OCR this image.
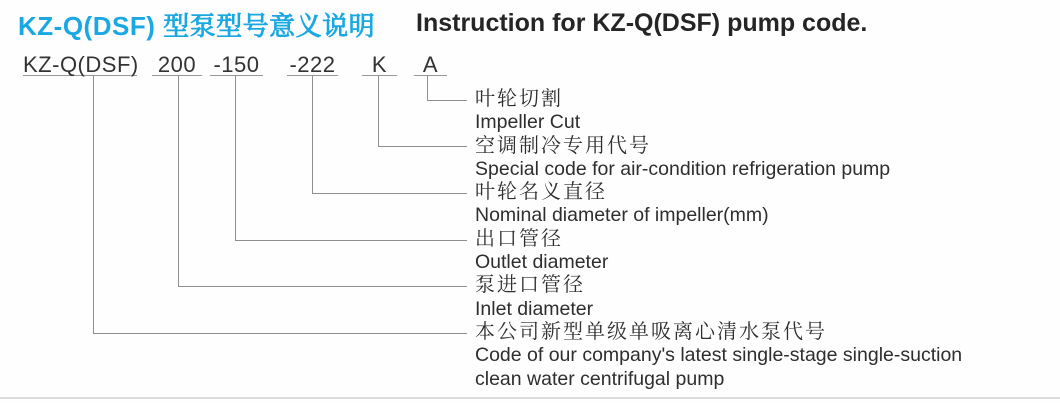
KZ-Q(DSF) 型泵型号意义说明 Instruction for KZ-Q(DSF) pump code.
KZ-Q(DSF) 200 -150 -222	K	A
叶轮切割
Impeller Cut
空调制冷专用代号
Special code for air-condition refrigeration pump
叶轮名义直径
Nominal diameter of impeller(mm)
出口管径
Outlet diameter
泵进口管径
Inlet diameter
本公司新型单级单吸离心清水泵代号
Code of our company's latest single-stage single-suction
clean water centrifugal pump
